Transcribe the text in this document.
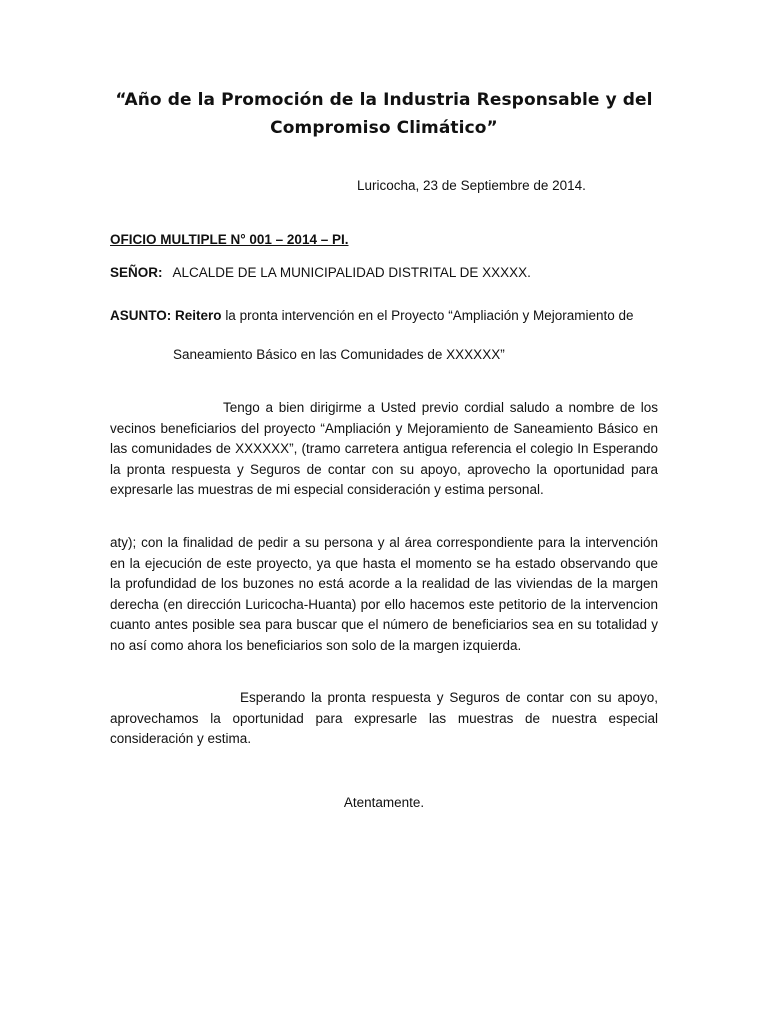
“Año de la Promoción de la Industria Responsable y del
Compromiso Climático”
Luricocha, 23 de Septiembre de 2014.
OFICIO MULTIPLE N° 001 – 2014 – PI.
SEÑOR: ALCALDE DE LA MUNICIPALIDAD DISTRITAL DE XXXXX.
ASUNTO: Reitero la pronta intervención en el Proyecto “Ampliación y Mejoramiento de
Saneamiento Básico en las Comunidades de XXXXXX”
Tengo a bien dirigirme a Usted previo cordial saludo a nombre de los vecinos beneficiarios del proyecto “Ampliación y Mejoramiento de Saneamiento Básico en las comunidades de XXXXXX”, (tramo carretera antigua referencia el colegio In Esperando la pronta respuesta y Seguros de contar con su apoyo, aprovecho la oportunidad para expresarle las muestras de mi especial consideración y estima personal.
aty); con la finalidad de pedir a su persona y al área correspondiente para la intervención en la ejecución de este proyecto, ya que hasta el momento se ha estado observando que la profundidad de los buzones no está acorde a la realidad de las viviendas de la margen derecha (en dirección Luricocha-Huanta) por ello hacemos este petitorio de la intervencion cuanto antes posible sea para buscar que el número de beneficiarios sea en su totalidad y no así como ahora los beneficiarios son solo de la margen izquierda.
Esperando la pronta respuesta y Seguros de contar con su apoyo, aprovechamos la oportunidad para expresarle las muestras de nuestra especial consideración y estima.
Atentamente.
